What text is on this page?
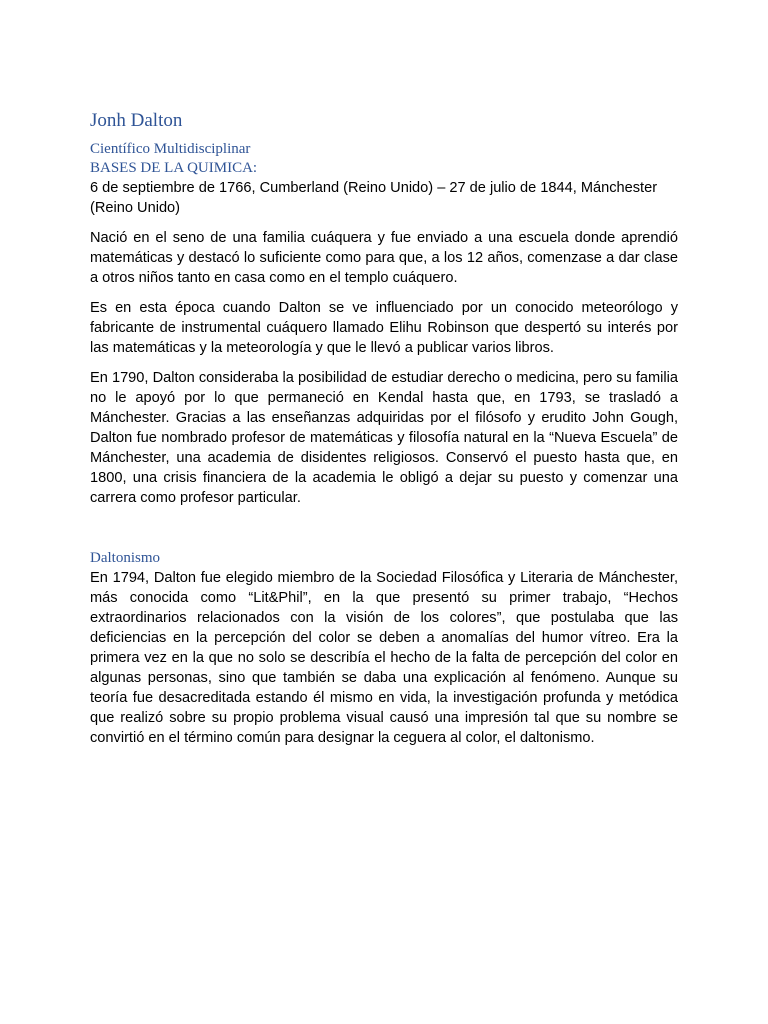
Jonh Dalton
Científico Multidisciplinar
BASES DE LA QUIMICA:

6 de septiembre de 1766, Cumberland (Reino Unido) – 27 de julio de 1844, Mánchester (Reino Unido)

Nació en el seno de una familia cuáquera y fue enviado a una escuela donde aprendió matemáticas y destacó lo suficiente como para que, a los 12 años, comenzase a dar clase a otros niños tanto en casa como en el templo cuáquero.

Es en esta época cuando Dalton se ve influenciado por un conocido meteorólogo y fabricante de instrumental cuáquero llamado Elihu Robinson que despertó su interés por las matemáticas y la meteorología y que le llevó a publicar varios libros.

En 1790, Dalton consideraba la posibilidad de estudiar derecho o medicina, pero su familia no le apoyó por lo que permaneció en Kendal hasta que, en 1793, se trasladó a Mánchester. Gracias a las enseñanzas adquiridas por el filósofo y erudito John Gough, Dalton fue nombrado profesor de matemáticas y filosofía natural en la “Nueva Escuela” de Mánchester, una academia de disidentes religiosos. Conservó el puesto hasta que, en 1800, una crisis financiera de la academia le obligó a dejar su puesto y comenzar una carrera como profesor particular.

Daltonismo

En 1794, Dalton fue elegido miembro de la Sociedad Filosófica y Literaria de Mánchester, más conocida como “Lit&Phil”, en la que presentó su primer trabajo, “Hechos extraordinarios relacionados con la visión de los colores”, que postulaba que las deficiencias en la percepción del color se deben a anomalías del humor vítreo. Era la primera vez en la que no solo se describía el hecho de la falta de percepción del color en algunas personas, sino que también se daba una explicación al fenómeno. Aunque su teoría fue desacreditada estando él mismo en vida, la investigación profunda y metódica que realizó sobre su propio problema visual causó una impresión tal que su nombre se convirtió en el término común para designar la ceguera al color, el daltonismo.
